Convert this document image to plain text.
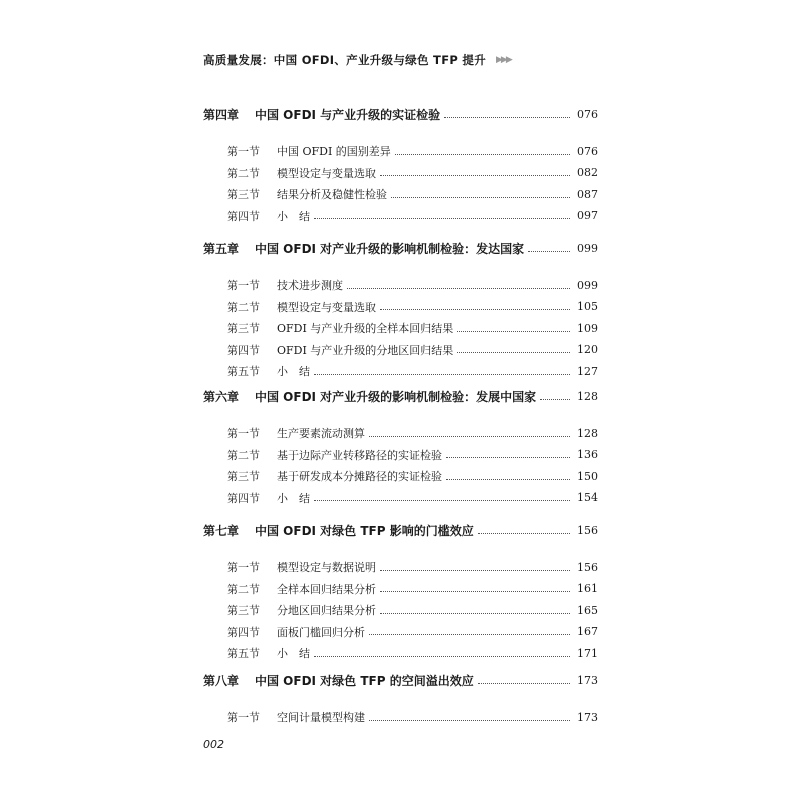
高质量发展：中国 OFDI、产业升级与绿色 TFP 提升 ▶▶▶
第四章 中国 OFDI 与产业升级的实证检验	076
第一节 中国 OFDI 的国别差异	076
第二节 模型设定与变量选取	082
第三节 结果分析及稳健性检验	087
第四节 小　结	097
第五章 中国 OFDI 对产业升级的影响机制检验：发达国家	099
第一节 技术进步测度	099
第二节 模型设定与变量选取	105
第三节 OFDI 与产业升级的全样本回归结果	109
第四节 OFDI 与产业升级的分地区回归结果	120
第五节 小　结	127
第六章 中国 OFDI 对产业升级的影响机制检验：发展中国家	128
第一节 生产要素流动测算	128
第二节 基于边际产业转移路径的实证检验	136
第三节 基于研发成本分摊路径的实证检验	150
第四节 小　结	154
第七章 中国 OFDI 对绿色 TFP 影响的门槛效应	156
第一节 模型设定与数据说明	156
第二节 全样本回归结果分析	161
第三节 分地区回归结果分析	165
第四节 面板门槛回归分析	167
第五节 小　结	171
第八章 中国 OFDI 对绿色 TFP 的空间溢出效应	173
第一节 空间计量模型构建	173
002
